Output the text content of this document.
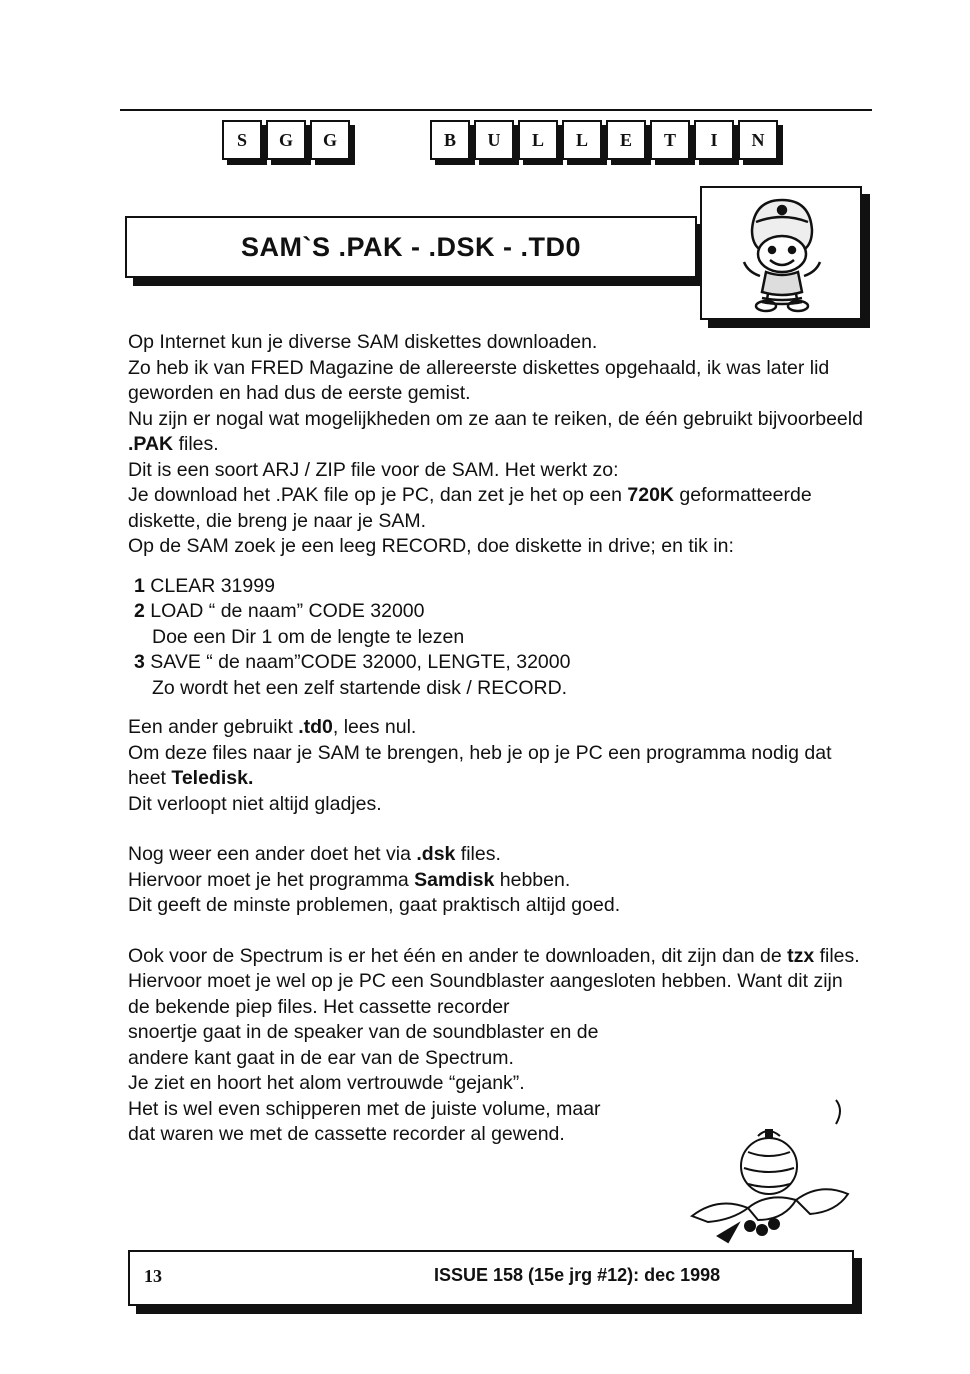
S	G	G	B	U	L	L	E	T	I	N
SAM`S .PAK - .DSK - .TD0

Op Internet kun je diverse SAM diskettes downloaden.

Zo heb ik van FRED Magazine de allereerste diskettes opgehaald, ik was later lid geworden en had dus de eerste gemist.

Nu zijn er nogal wat mogelijkheden om ze aan te reiken, de één gebruikt bijvoorbeeld .PAK files.

Dit is een soort ARJ / ZIP file voor de SAM. Het werkt zo:

Je download het .PAK file op je PC, dan zet je het op een 720K geformatteerde diskette, die breng je naar je SAM.

Op de SAM zoek je een leeg RECORD, doe diskette in drive; en tik in:

1 CLEAR 31999

2 LOAD “ de naam” CODE 32000

Doe een Dir 1 om de lengte te lezen

3 SAVE “ de naam”CODE 32000, LENGTE, 32000

Zo wordt het een zelf startende disk / RECORD.

Een ander gebruikt .td0, lees nul.

Om deze files naar je SAM te brengen, heb je op je PC een programma nodig dat heet Teledisk.

Dit verloopt niet altijd gladjes.

Nog weer een ander doet het via .dsk files.

Hiervoor moet je het programma Samdisk hebben.

Dit geeft de minste problemen, gaat praktisch altijd goed.

Ook voor de Spectrum is er het één en ander te downloaden, dit zijn dan de tzx files. Hiervoor moet je wel op je PC een Soundblaster aangesloten hebben. Want dit zijn de bekende piep files. Het cassette recorder

snoertje gaat in de speaker van de soundblaster en de

andere kant gaat in de ear van de Spectrum.

Je ziet en hoort het alom vertrouwde “gejank”.

Het is wel even schipperen met de juiste volume, maar

dat waren we met de cassette recorder al gewend.

13	ISSUE 158 (15e jrg #12): dec 1998
